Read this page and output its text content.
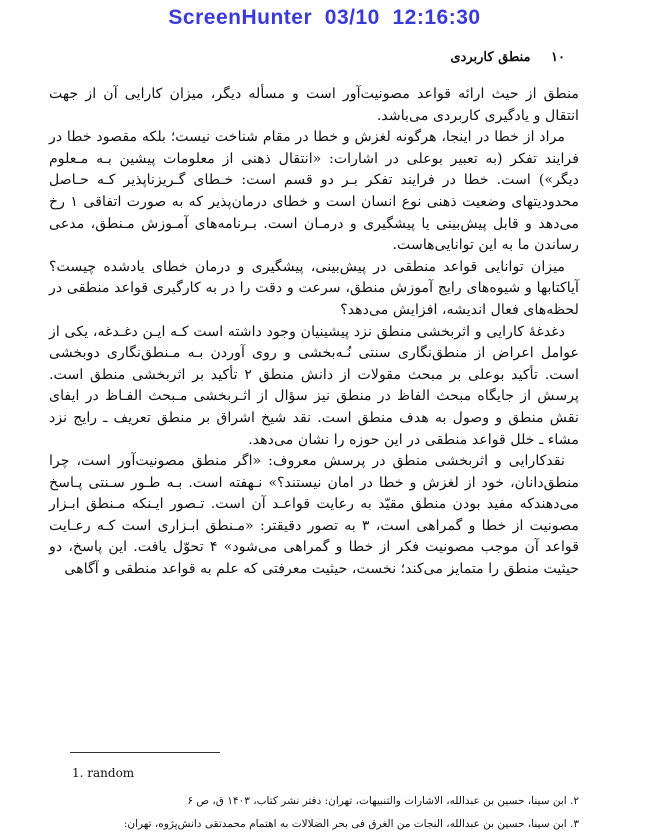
ScreenHunter  03/10  12:16:30
۱۰ منطق کاربردی

منطق از حیث ارائه قواعد مصونیت‌آور است و مسأله دیگر، میزان کارایی آن از جهت انتقال و یادگیری کاربردی می‌باشد.

مراد از خطا در اینجا، هرگونه لغزش و خطا در مقام شناخت نیست؛ بلکه مقصود خطا در فرایند تفکر (به تعبیر بوعلی در اشارات: «انتقال ذهنی از معلومات پیشین بـه مـعلوم دیگر») است. خطا در فرایند تفکر بـر دو قسم است: خـطای گـریزناپذیر کـه حـاصل محدودیتهای وضعیت ذهنی نوع انسان است و خطای درمان‌پذیر که به صورت اتفاقی ۱ رخ می‌دهد و قابل پیش‌بینی یا پیشگیری و درمـان است. بـرنامه‌های آمـوزش مـنطق، مدعی رساندن ما به این توانایی‌هاست.

میزان توانایی قواعد منطقی در پیش‌بینی، پیشگیری و درمان خطای یادشده چیست؟ آیاکتابها و شیوه‌های رایج آموزش منطق، سرعت و دقت را در به کارگیری قواعد منطقی در لحظه‌های فعال اندیشه، افزایش می‌دهد؟

دغدغهٔ کارایی و اثربخشی منطق نزد پیشینیان وجود داشته است کـه ایـن دغـدغه، یکی از عوامل اعراض از منطق‌نگاری سنتی نُـه‌بخشی و روی آوردن بـه مـنطق‌نگاری دوبخشی است. تأکید بوعلی بر مبحث مقولات از دانش منطق ۲ تأکید بر اثربخشی منطق است. پرسش از جایگاه مبحث الفاظ در منطق نیز سؤال از اثـربخشی مـبحث الفـاظ در ایفای نقش منطق و وصول به هدف منطق است. نقد شیخ اشراق بر منطق تعریف ـ رایج نزد مشاء ـ خلل قواعد منطقی در این حوزه را نشان می‌دهد.

نقدکارایی و اثربخشی منطق در پرسش معروف: «اگر منطق مصونیت‌آور است، چرا منطق‌دانان، خود از لغزش و خطا در امان نیستند؟» نـهفته است. بـه طـور سـنتی پـاسخ می‌دهندکه مفید بودن منطق مقیّد به رعایت قواعـد آن است. تـصور ایـنکه مـنطق ابـزار مصونیت از خطا و گمراهی است، ۳ به تصور دقیقتر: «مـنطق ابـزاری است کـه رعـایت قواعد آن موجب مصونیت فکر از خطا و گمراهی می‌شود» ۴ تحوّل یافت. این پاسخ، دو حیثیت منطق را متمایز می‌کند؛ نخست، حیثیت معرفتی که علم به قواعد منطقی و آگاهی

1. random
۲. ابن سینا، حسین بن عبدالله، الاشارات والتنبیهات، تهران: دفتر نشر کتاب، ۱۴۰۳ ق، ص ۶
۳. ابن سینا، حسین بن عبدالله، النجات من الغرق فی بحر الضلالات به اهتمام محمدتقی دانش‌پژوه، تهران:
